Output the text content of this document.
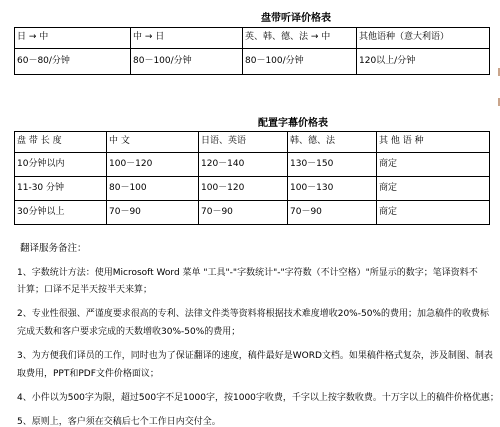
盘带听译价格表
日 → 中	中 → 日	英、韩、德、法 → 中	其他语种（意大利语）
60－80/分钟	80－100/分钟	80－100/分钟	120以上/分钟
配置字幕价格表
盘 带 长 度	中 文	日语、英语	韩、德、法	其 他 语 种
10分钟以内	100－120	120－140	130－150	商定
11-30 分钟	80－100	100－120	100－130	商定
30分钟以上	70－90	70－90	70－90	商定
翻译服务备注：
1、字数统计方法：使用Microsoft Word 菜单 "工具"-"字数统计"-"字符数（不计空格）"所显示的数字；笔译资料不
计算；口译不足半天按半天来算；
2、专业性很强、严谨度要求很高的专利、法律文件类等资料将根据技术难度增收20%-50%的费用；加急稿件的收费标
完成天数和客户要求完成的天数增收30%-50%的费用；
3、为方便我们译员的工作，同时也为了保证翻译的速度，稿件最好是WORD文档。如果稿件格式复杂，涉及制图、制表
取费用，PPT和PDF文件价格面议；
4、小件以为500字为限，超过500字不足1000字，按1000字收费，千字以上按字数收费。十万字以上的稿件价格优惠；
5、原则上，客户须在交稿后七个工作日内交付全。
